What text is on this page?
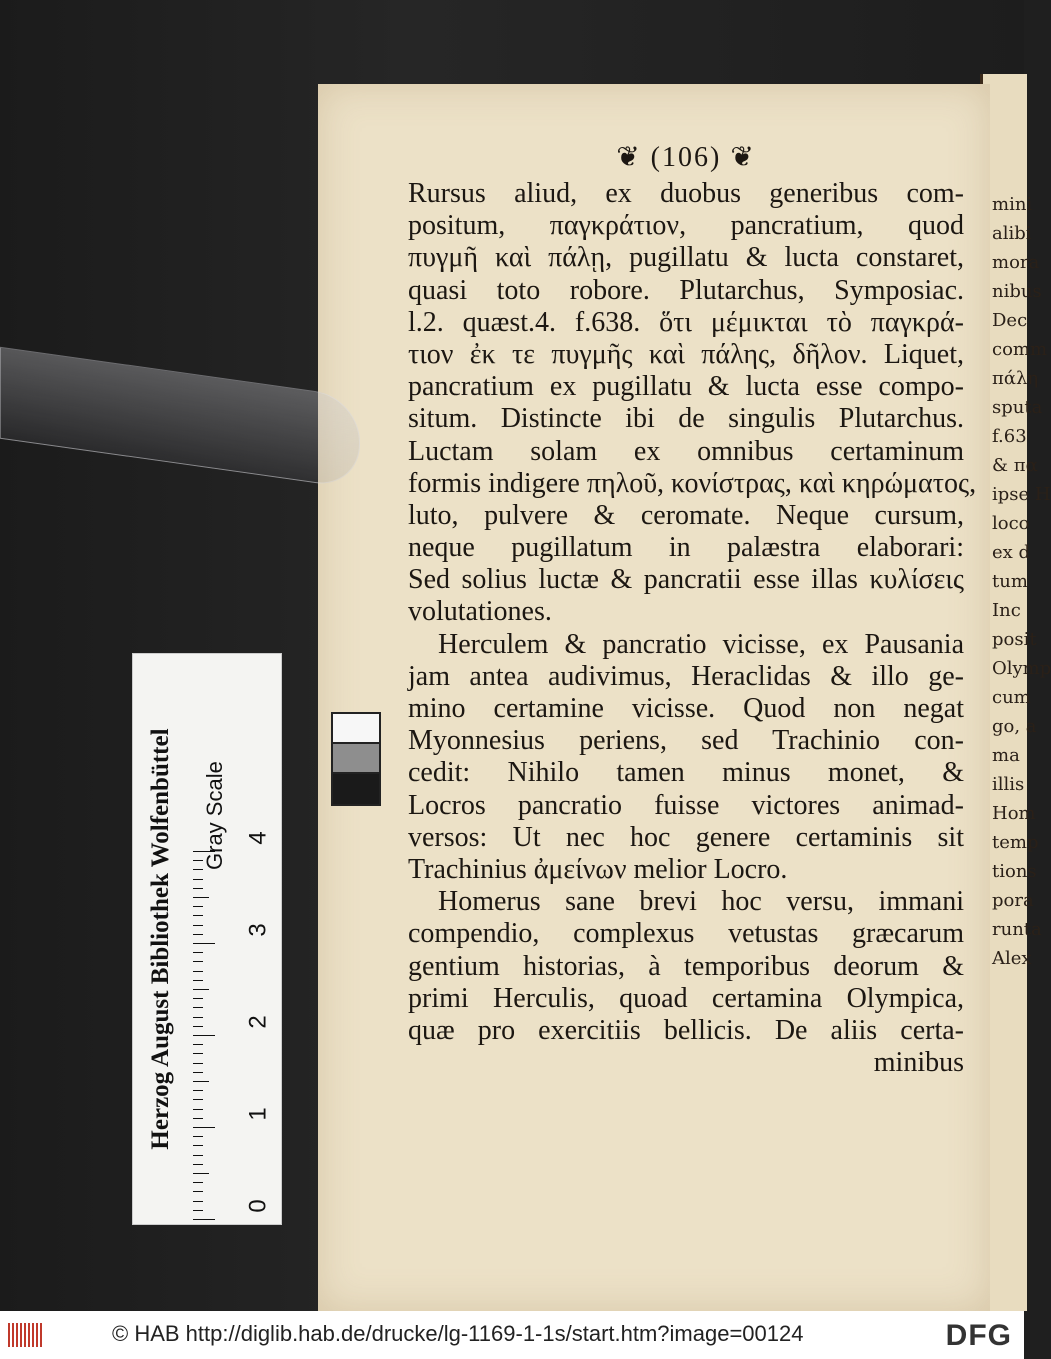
mini
alibi
mora
nibus
Dec
comm
πάλη
sputa
f.63
& πα
ipse H
loco
ex d
tum
Inc
posit
Olymp
cum
go, a
ma
illis
Hom
temp
tions
pora
runta
Alex
❦ (106) ❦
Rursus aliud, ex duobus generibus com-
positum, παγκράτιον, pancratium, quod
πυγμῆ καὶ πάλῃ, pugillatu & lucta constaret,
quasi toto robore. Plutarchus, Symposiac.
l.2. quæst.4. f.638. ὅτι μέμικται τὸ παγκρά-
τιον ἐκ τε πυγμῆς καὶ πάλης, δῆλον. Liquet,
pancratium ex pugillatu & lucta esse compo-
situm. Distincte ibi de singulis Plutarchus.
Luctam solam ex omnibus certaminum
formis indigere πηλοῦ, κονίστρας, καὶ κηρώματος,
luto, pulvere & ceromate. Neque cursum,
neque pugillatum in palæstra elaborari:
Sed solius luctæ & pancratii esse illas κυλίσεις
volutationes.
Herculem & pancratio vicisse, ex Pausania
jam antea audivimus, Heraclidas & illo ge-
mino certamine vicisse. Quod non negat
Myonnesius periens, sed Trachinio con-
cedit: Nihilo tamen minus monet, &
Locros pancratio fuisse victores animad-
versos: Ut nec hoc genere certaminis sit
Trachinius ἀμείνων melior Locro.
Homerus sane brevi hoc versu, immani
compendio, complexus vetustas græcarum
gentium historias, à temporibus deorum &
primi Herculis, quoad certamina Olympica,
quæ pro exercitiis bellicis. De aliis certa-
minibus
Herzog August Bibliothek Wolfenbüttel	Gray Scale
0
1
2
3
4
© HAB http://diglib.hab.de/drucke/lg-1169-1-1s/start.htm?image=00124	DFG
